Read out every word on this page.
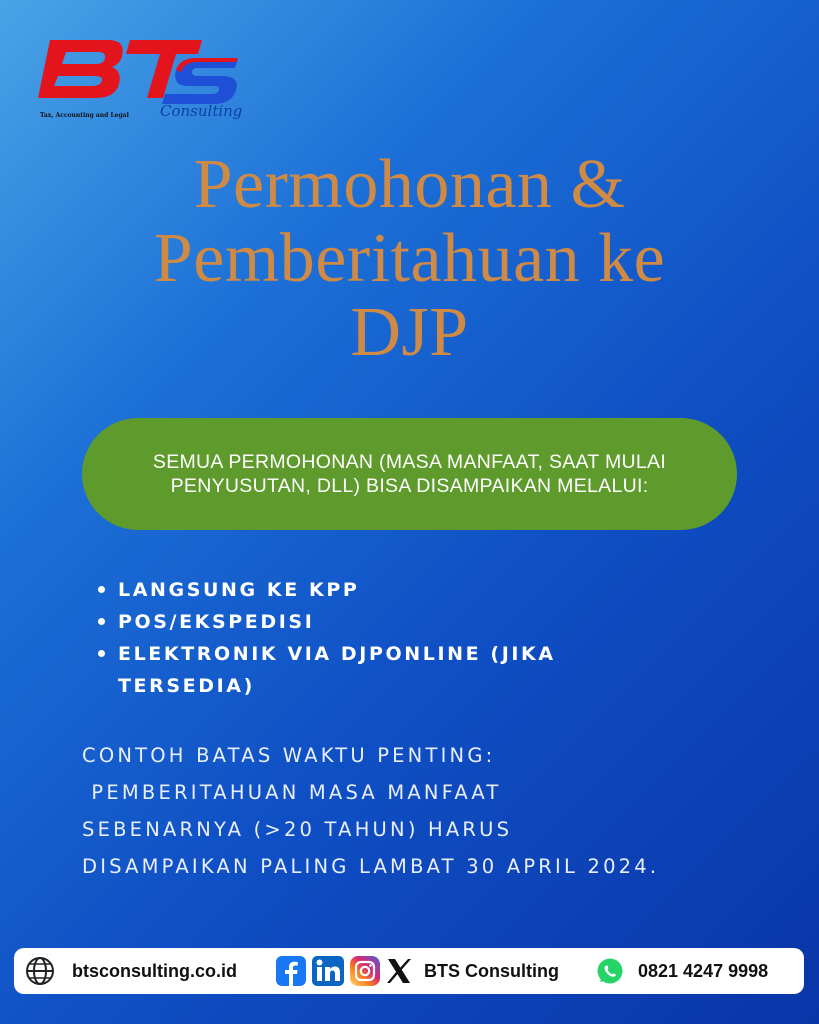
Tax, Accounting and Legal Consulting
Permohonan &
Pemberitahuan ke
DJP
SEMUA PERMOHONAN (MASA MANFAAT, SAAT MULAI PENYUSUTAN, DLL) BISA DISAMPAIKAN MELALUI:
LANGSUNG KE KPP
POS/EKSPEDISI
ELEKTRONIK VIA DJPONLINE (JIKA TERSEDIA)
CONTOH BATAS WAKTU PENTING:
PEMBERITAHUAN MASA MANFAAT
SEBENARNYA (>20 TAHUN) HARUS
DISAMPAIKAN PALING LAMBAT 30 APRIL 2024.
btsconsulting.co.id	BTS Consulting	0821 4247 9998
